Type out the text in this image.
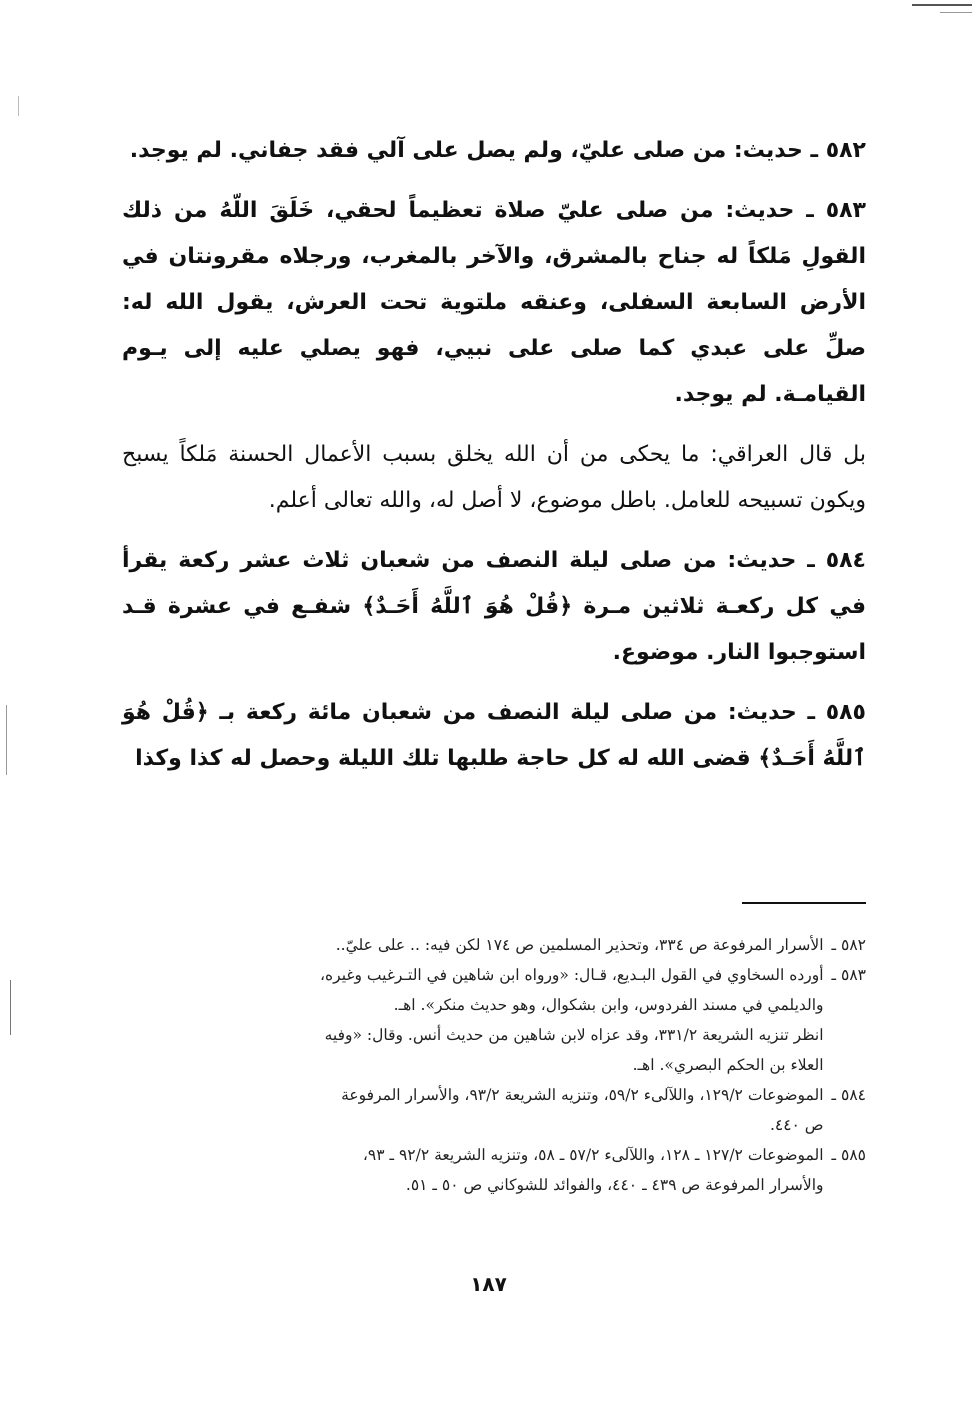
٥٨٢ ـ حديث: من صلى عليّ، ولم يصل على آلي فقد جفاني. لم يوجد.

٥٨٣ ـ حديث: من صلى عليّ صلاة تعظيماً لحقي، خَلَقَ اللّهُ من ذلك القولِ مَلكاً له جناح بالمشرق، والآخر بالمغرب، ورجلاه مقرونتان في الأرض السابعة السفلى، وعنقه ملتوية تحت العرش، يقول الله له: صلِّ على عبدي كما صلى على نبيي، فهو يصلي عليه إلى يـوم القيامـة. لم يوجد.

بل قال العراقي: ما يحكى من أن الله يخلق بسبب الأعمال الحسنة مَلكاً يسبح ويكون تسبيحه للعامل. باطل موضوع، لا أصل له، والله تعالى أعلم.

٥٨٤ ـ حديث: من صلى ليلة النصف من شعبان ثلاث عشر ركعة يقرأ في كل ركعـة ثلاثين مـرة ﴿قُلْ هُوَ ٱللَّهُ أَحَـدٌ﴾ شفـع في عشرة قـد استوجبوا النار. موضوع.

٥٨٥ ـ حديث: من صلى ليلة النصف من شعبان مائة ركعة بـ ﴿قُلْ هُوَ ٱللَّهُ أَحَـدٌ﴾ قضى الله له كل حاجة طلبها تلك الليلة وحصل له كذا وكذا

٥٨٢ ـ
الأسرار المرفوعة ص ٣٣٤، وتحذير المسلمين ص ١٧٤ لكن فيه: .. على عليّ..
٥٨٣ ـ
أورده السخاوي في القول البـديع، قـال: «ورواه ابن شاهين في التـرغيب وغيره،
والديلمي في مسند الفردوس، وابن بشكوال، وهو حديث منكر». اهـ.
انظر تنزيه الشريعة ٣٣١/٢، وقد عزاه لابن شاهين من حديث أنس. وقال: «وفيه
العلاء بن الحكم البصري». اهـ.
٥٨٤ ـ
الموضوعات ١٢٩/٢، واللآلىء ٥٩/٢، وتنزيه الشريعة ٩٣/٢، والأسرار المرفوعة
ص ٤٤٠.
٥٨٥ ـ
الموضوعات ١٢٧/٢ ـ ١٢٨، واللآلىء ٥٧/٢ ـ ٥٨، وتنزيه الشريعة ٩٢/٢ ـ ٩٣،
والأسرار المرفوعة ص ٤٣٩ ـ ٤٤٠، والفوائد للشوكاني ص ٥٠ ـ ٥١.
١٨٧
